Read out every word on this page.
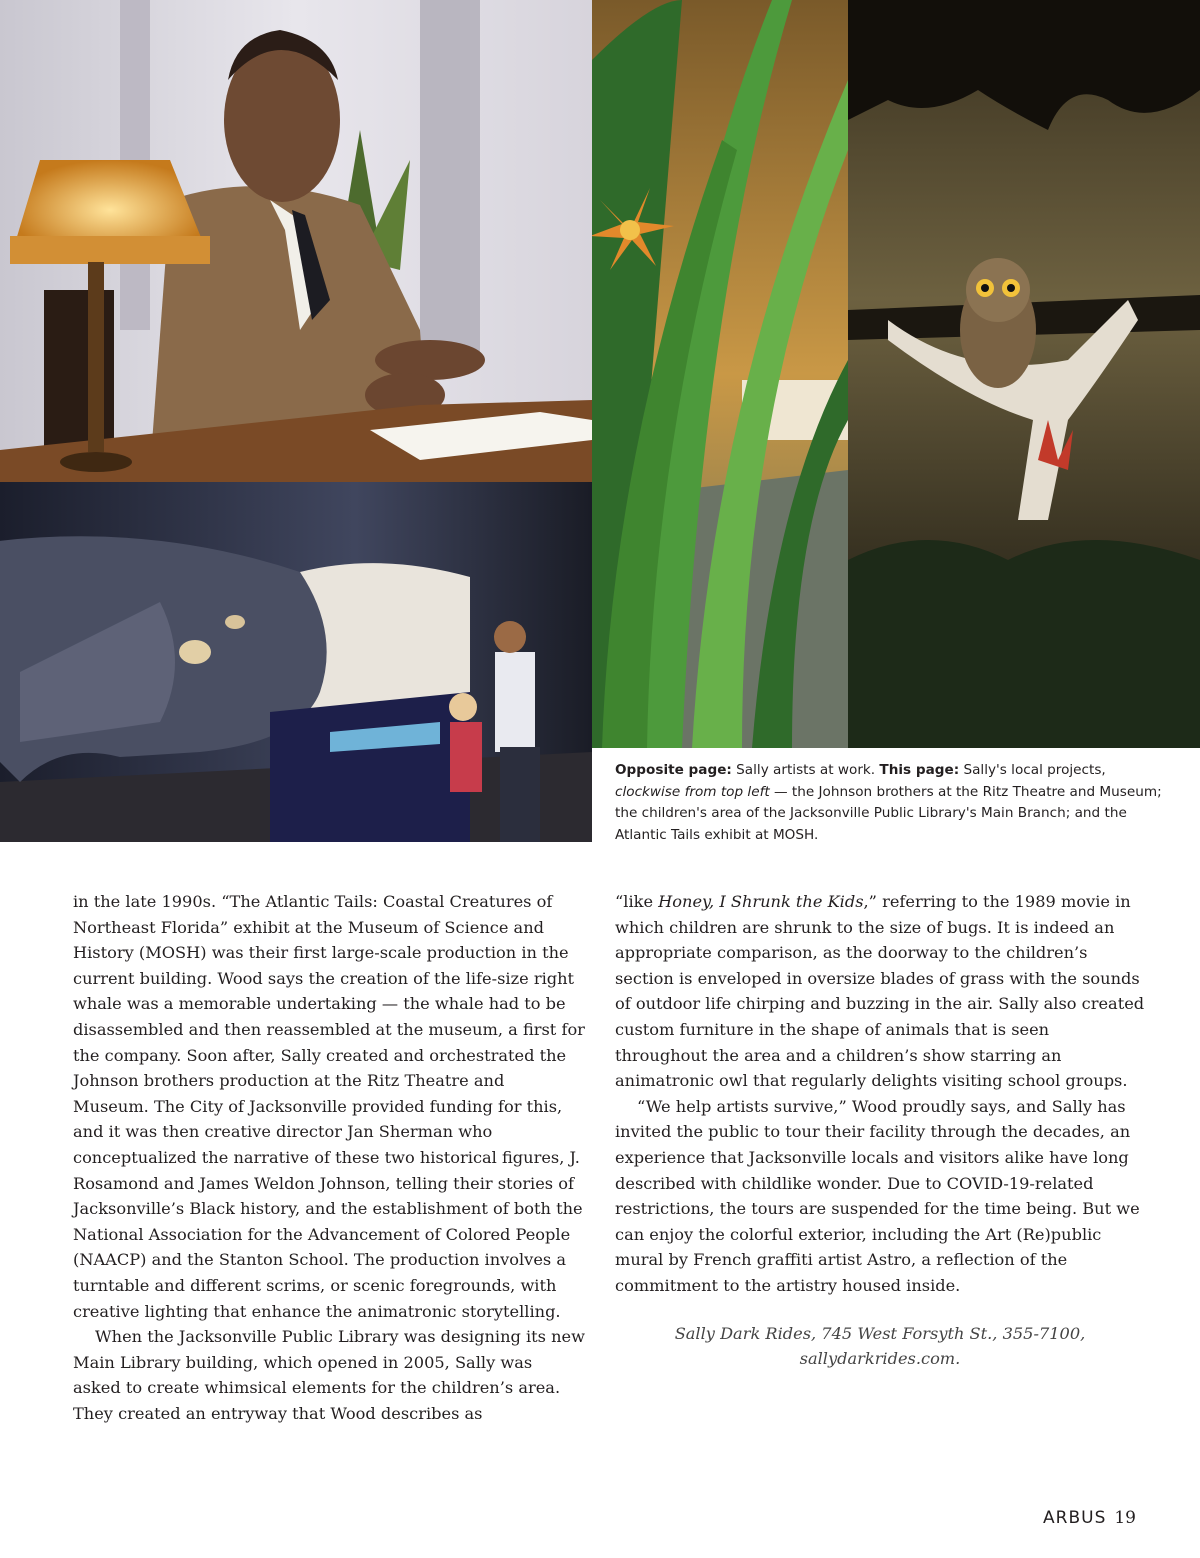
Opposite page: Sally artists at work. This page: Sally's local projects, clockwise from top left — the Johnson brothers at the Ritz Theatre and Museum; the children's area of the Jacksonville Public Library's Main Branch; and the Atlantic Tails exhibit at MOSH.

in the late 1990s. “The Atlantic Tails: Coastal Creatures of Northeast Florida” exhibit at the Museum of Science and History (MOSH) was their first large-scale production in the current building. Wood says the creation of the life-size right whale was a memorable undertaking — the whale had to be disassembled and then reassembled at the museum, a first for the company. Soon after, Sally created and orchestrated the Johnson brothers production at the Ritz Theatre and Museum. The City of Jacksonville provided funding for this, and it was then creative director Jan Sherman who conceptualized the narrative of these two historical figures, J. Rosamond and James Weldon Johnson, telling their stories of Jacksonville’s Black history, and the establishment of both the National Association for the Advancement of Colored People (NAACP) and the Stanton School. The production involves a turntable and different scrims, or scenic foregrounds, with creative lighting that enhance the animatronic storytelling.

When the Jacksonville Public Library was designing its new Main Library building, which opened in 2005, Sally was asked to create whimsical elements for the children’s area. They created an entryway that Wood describes as

“like Honey, I Shrunk the Kids,” referring to the 1989 movie in which children are shrunk to the size of bugs. It is indeed an appropriate comparison, as the doorway to the children’s section is enveloped in oversize blades of grass with the sounds of outdoor life chirping and buzzing in the air. Sally also created custom furniture in the shape of animals that is seen throughout the area and a children’s show starring an animatronic owl that regularly delights visiting school groups.

“We help artists survive,” Wood proudly says, and Sally has invited the public to tour their facility through the decades, an experience that Jacksonville locals and visitors alike have long described with childlike wonder. Due to COVID-19-related restrictions, the tours are suspended for the time being. But we can enjoy the colorful exterior, including the Art (Re)public mural by French graffiti artist Astro, a reflection of the commitment to the artistry housed inside.

Sally Dark Rides, 745 West Forsyth St., 355-7100,
sallydarkrides.com.

ARBUS 19
